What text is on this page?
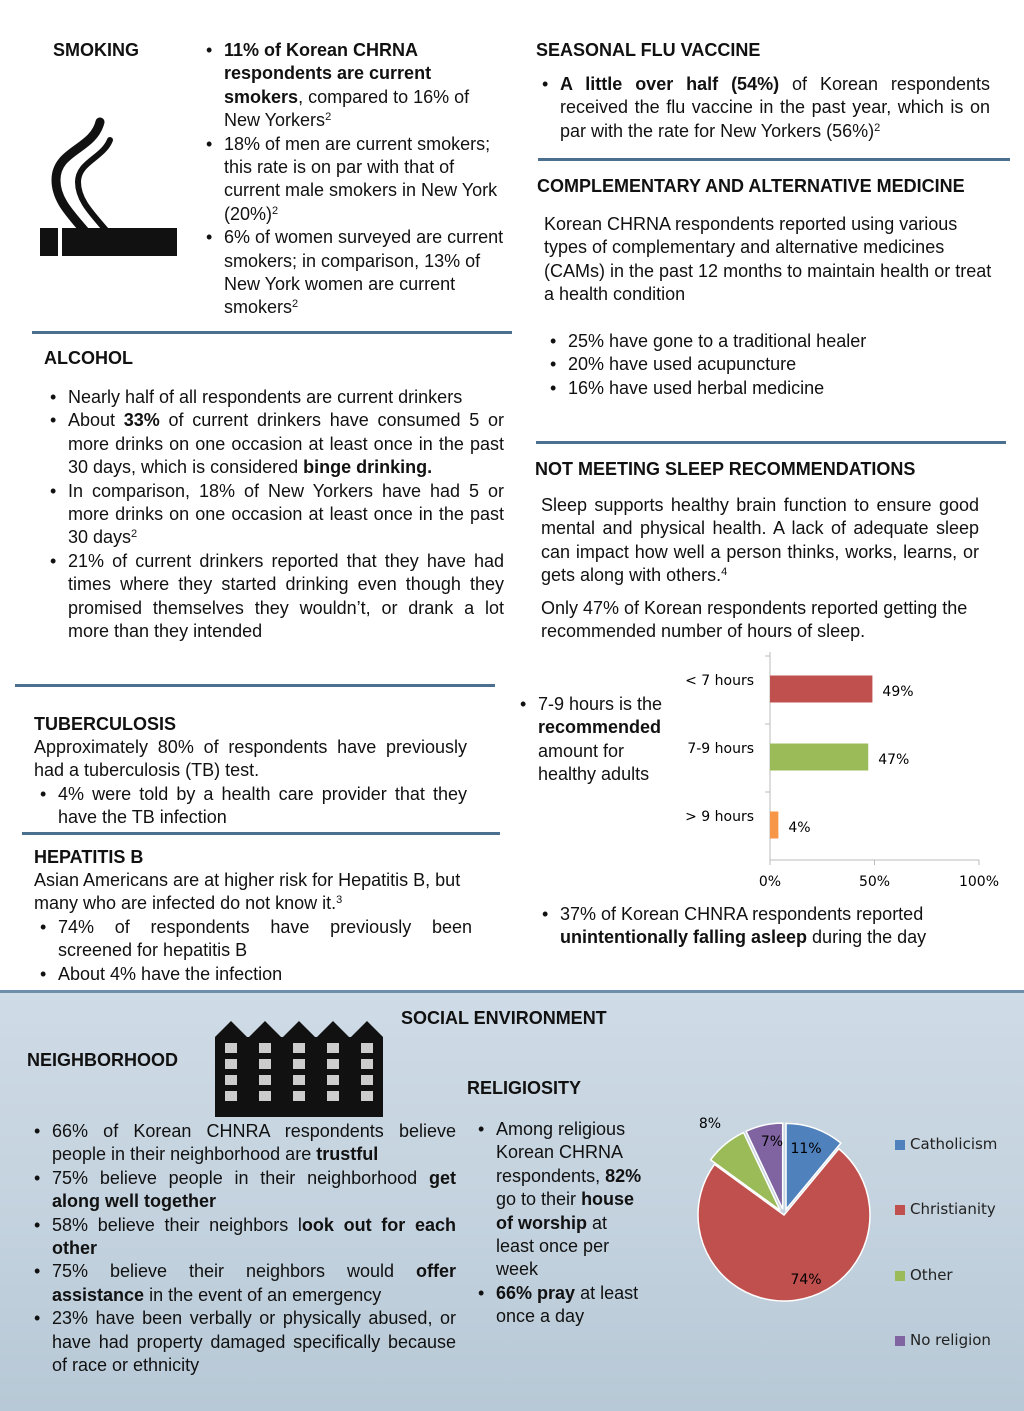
SMOKING
•	11% of Korean CHRNA respondents are current smokers, compared to 16% of New Yorkers$^2$
• 18% of men are current smokers; this rate is on par with that of current male smokers in New York $(20\%)^2$
• 6% of women surveyed are current smokers; in comparison, 13% of New York women are current smokers$^2$
ALCOHOL
• Nearly half of all respondents are current drinkers
• About 33% of current drinkers have consumed 5 or more drinks on one occasion at least once in the past 30 days, which is considered binge drinking.
• In comparison, 18% of New Yorkers have had 5 or more drinks on one occasion at least once in the past 30 days$^2$
• 21% of current drinkers reported that they have had times where they started drinking even though they promised themselves they wouldn’t, or drank a lot more than they intended
TUBERCULOSIS
Approximately 80% of respondents have previously had a tuberculosis (TB) test.
• 4% were told by a health care provider that they have the TB infection
HEPATITIS B
Asian Americans are at higher risk for Hepatitis B, but many who are infected do not know it.$^3$
• 74% of respondents have previously been screened for hepatitis B
• About 4% have the infection
SEASONAL FLU VACCINE
• A little over half (54%) of Korean respondents received the flu vaccine in the past year, which is on par with the rate for New Yorkers $(56\%)^2$
COMPLEMENTARY AND ALTERNATIVE MEDICINE
Korean CHRNA respondents reported using various types of complementary and alternative medicines (CAMs) in the past 12 months to maintain health or treat a health condition
• 25% have gone to a traditional healer
• 20% have used acupuncture
• 16% have used herbal medicine
NOT MEETING SLEEP RECOMMENDATIONS
Sleep supports healthy brain function to ensure good mental and physical health. A lack of adequate sleep can impact how well a person thinks, works, learns, or gets along with others.$^4$
Only 47% of Korean respondents reported getting the recommended number of hours of sleep.
• 7-9 hours is the recommended amount for healthy adults
< 7 hours
49%
7-9 hours
47%
> 9 hours
4%
0%	50%	100%
• 37% of Korean CHNRA respondents reported unintentionally falling asleep during the day
SOCIAL ENVIRONMENT
NEIGHBORHOOD
RELIGIOSITY
• 66% of Korean CHNRA respondents believe people in their neighborhood are trustful
• 75% believe people in their neighborhood get along well together
• 58% believe their neighbors look out for each other
• 75% believe their neighbors would offer assistance in the event of an emergency
• 23% have been verbally or physically abused, or have had property damaged specifically because of race or ethnicity
• Among religious Korean CHRNA respondents, 82% go to their house of worship at least once per week
• 66% pray at least once a day
11%
74%
8%
7%	Catholicism
Christianity
Other
No religion
